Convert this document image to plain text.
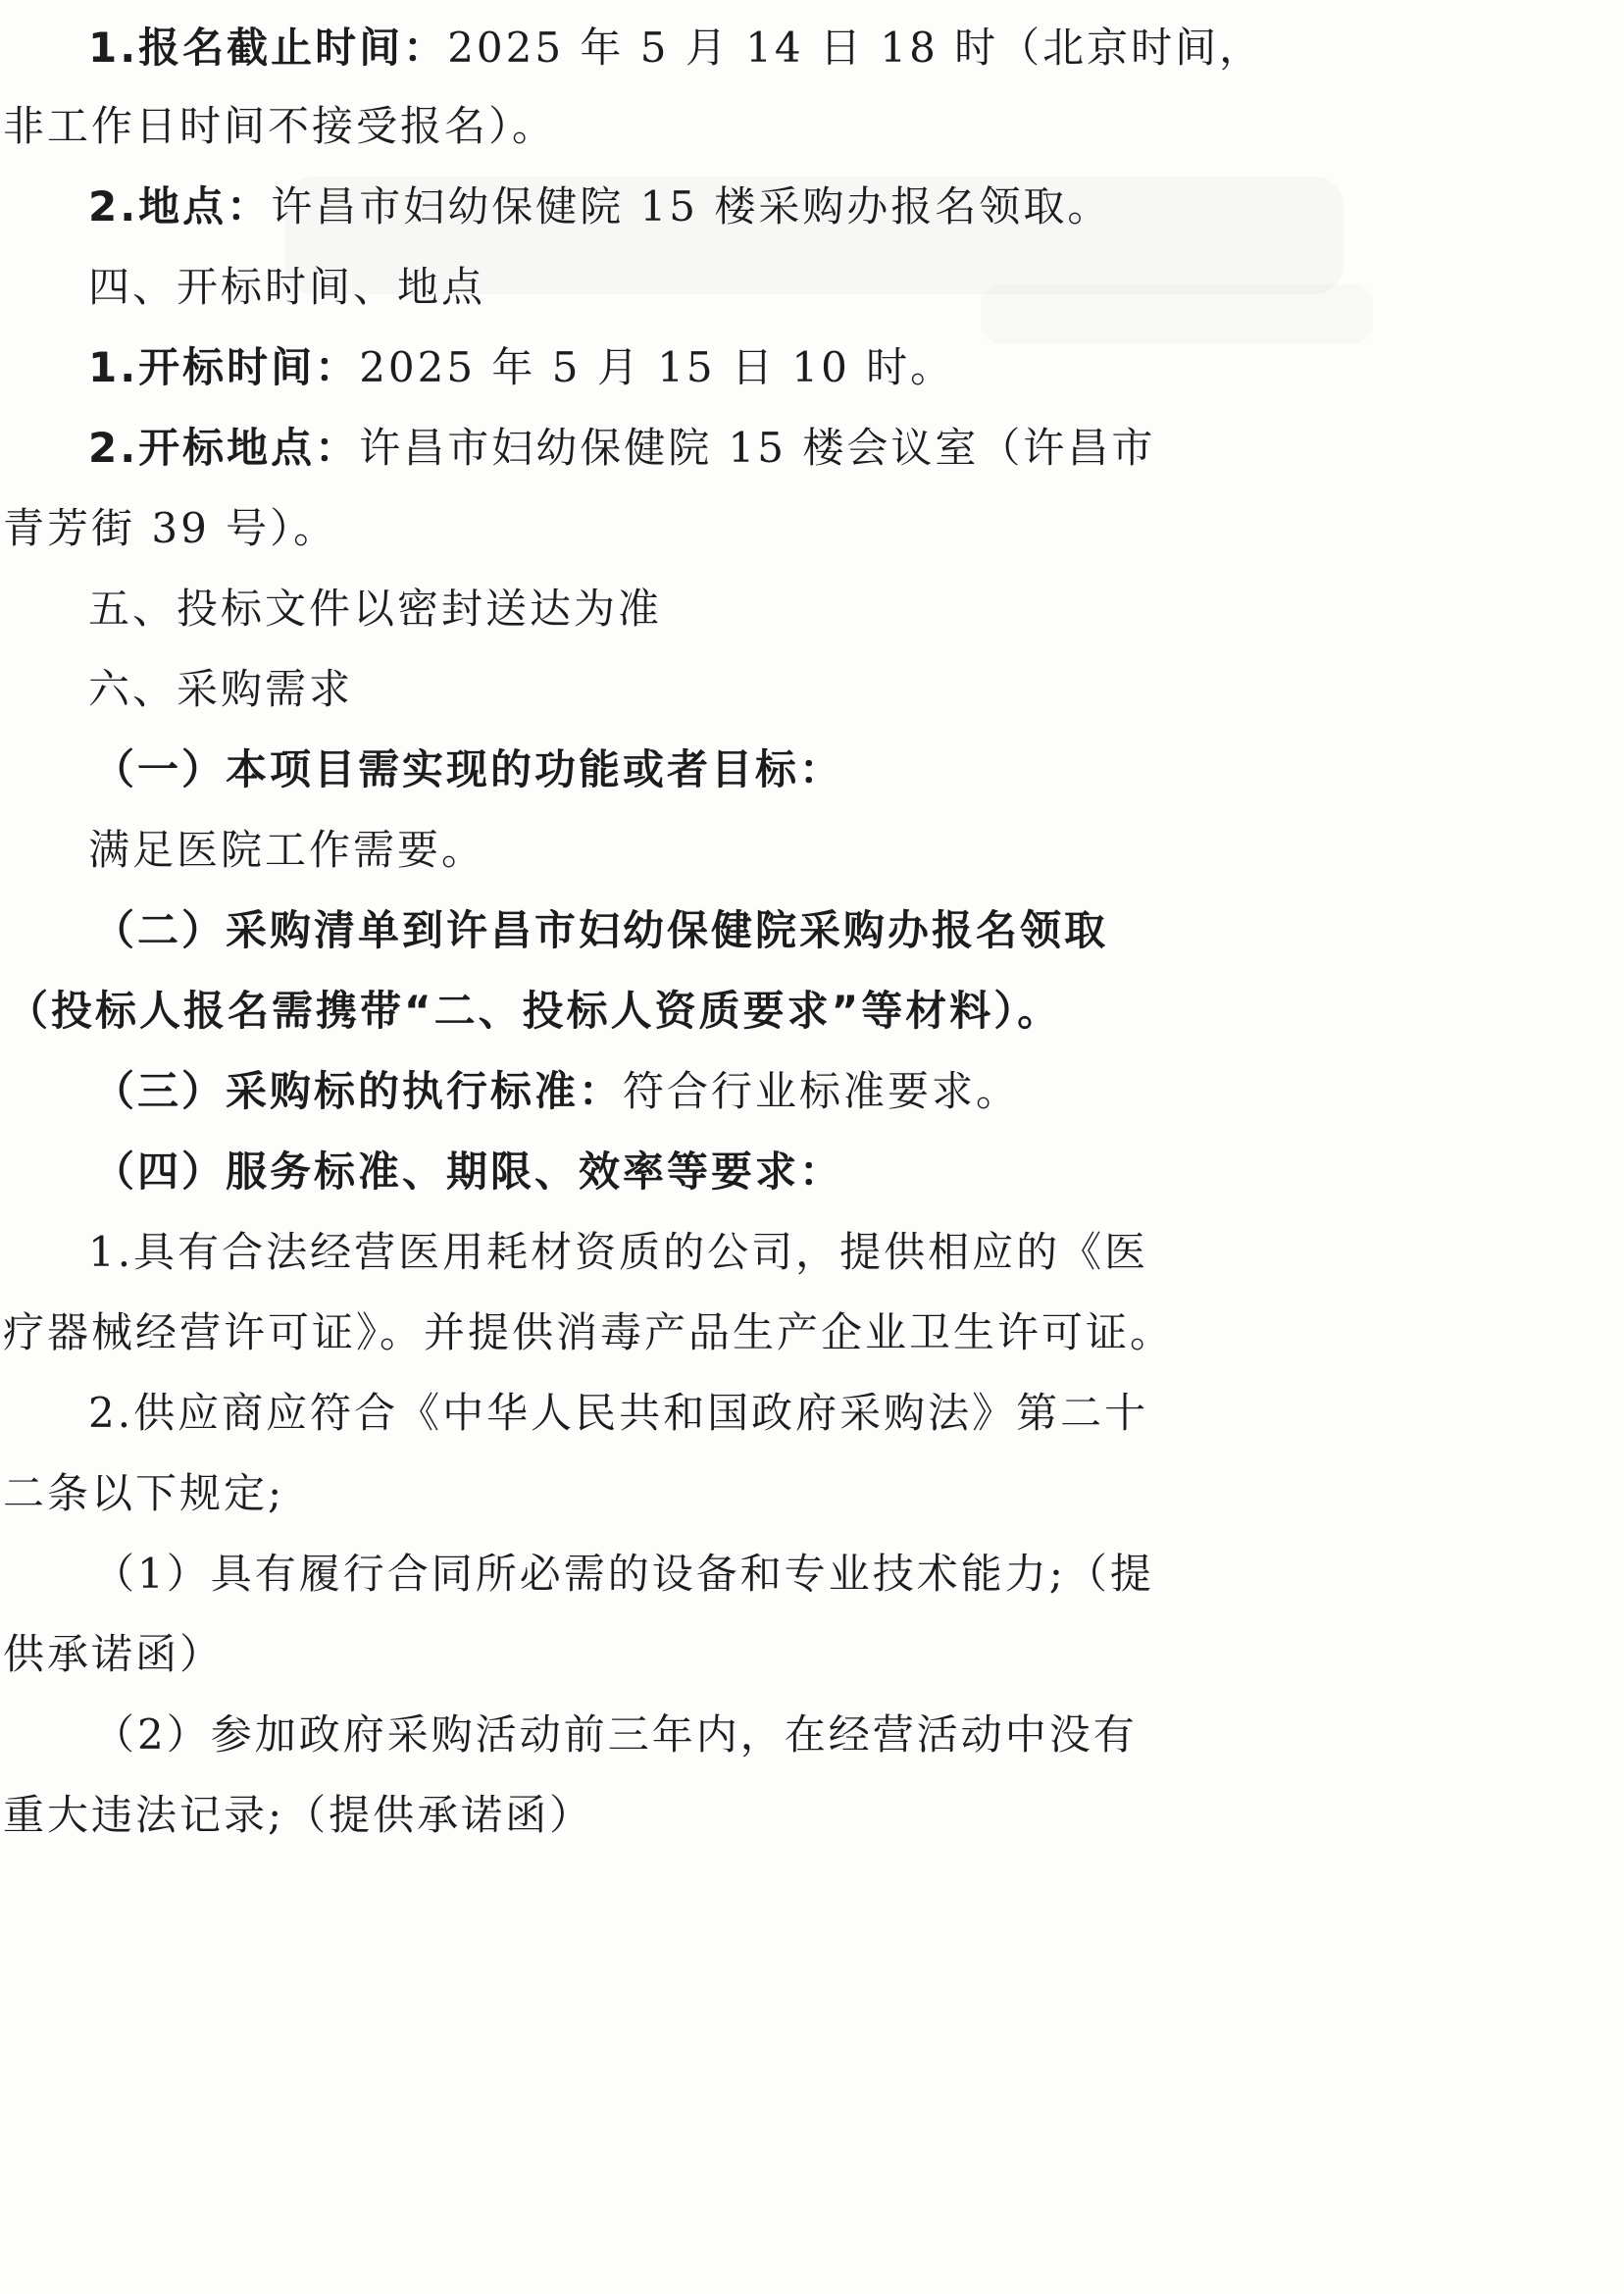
1.报名截止时间：2025 年 5 月 14 日 18 时（北京时间，
非工作日时间不接受报名）。
2.地点：许昌市妇幼保健院 15 楼采购办报名领取。
四、开标时间、地点
1.开标时间：2025 年 5 月 15 日 10 时。
2.开标地点：许昌市妇幼保健院 15 楼会议室（许昌市
青芳街 39 号）。
五、投标文件以密封送达为准
六、采购需求
（一）本项目需实现的功能或者目标：
满足医院工作需要。
（二）采购清单到许昌市妇幼保健院采购办报名领取
（投标人报名需携带“二、投标人资质要求”等材料）。
（三）采购标的执行标准：符合行业标准要求。
（四）服务标准、期限、效率等要求：
1.具有合法经营医用耗材资质的公司，提供相应的《医
疗器械经营许可证》。并提供消毒产品生产企业卫生许可证。
2.供应商应符合《中华人民共和国政府采购法》第二十
二条以下规定;
（1）具有履行合同所必需的设备和专业技术能力;（提
供承诺函）
（2）参加政府采购活动前三年内，在经营活动中没有
重大违法记录;（提供承诺函）
